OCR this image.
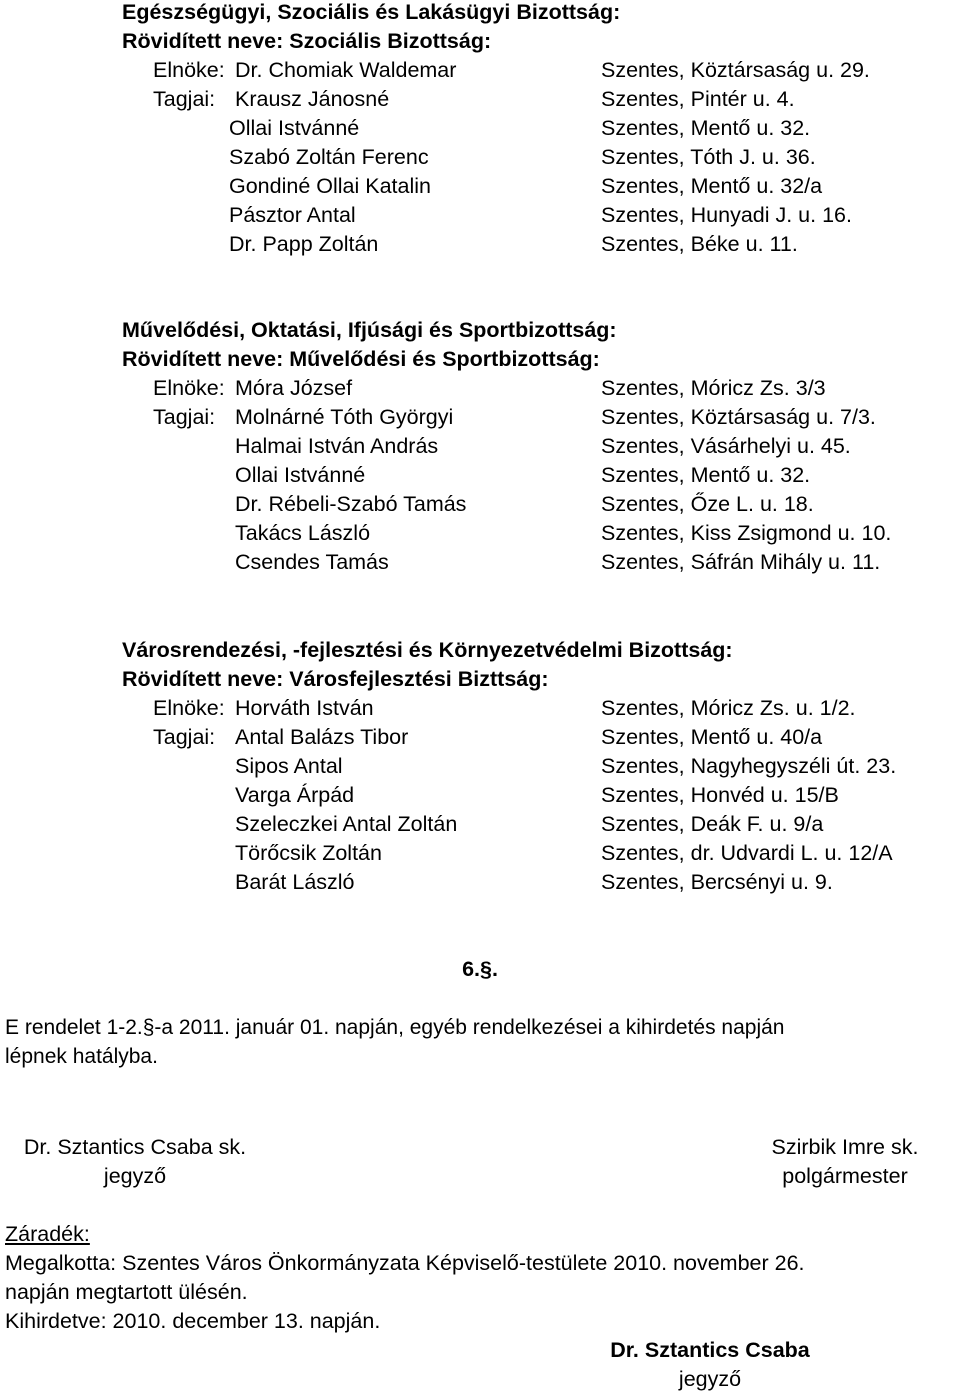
Egészségügyi, Szociális és Lakásügyi Bizottság:
Rövidített neve: Szociális Bizottság:
Elnöke: Dr. Chomiak Waldemar	Szentes, Köztársaság u. 29.
Tagjai: Krausz Jánosné	Szentes, Pintér u. 4.
Ollai Istvánné	Szentes, Mentő u. 32.
Szabó Zoltán Ferenc	Szentes, Tóth J. u. 36.
Gondiné Ollai Katalin	Szentes, Mentő u. 32/a
Pásztor Antal	Szentes, Hunyadi J. u. 16.
Dr. Papp Zoltán	Szentes, Béke u. 11.
Művelődési, Oktatási, Ifjúsági és Sportbizottság:
Rövidített neve: Művelődési és Sportbizottság:
Elnöke: Móra József	Szentes, Móricz Zs. 3/3
Tagjai: Molnárné Tóth Györgyi	Szentes, Köztársaság u. 7/3.
Halmai István András	Szentes, Vásárhelyi u. 45.
Ollai Istvánné	Szentes, Mentő u. 32.
Dr. Rébeli-Szabó Tamás	Szentes, Őze L. u. 18.
Takács László	Szentes, Kiss Zsigmond u. 10.
Csendes Tamás	Szentes, Sáfrán Mihály u. 11.
Városrendezési, -fejlesztési és Környezetvédelmi Bizottság:
Rövidített neve: Városfejlesztési Bizttság:
Elnöke: Horváth István	Szentes, Móricz Zs. u. 1/2.
Tagjai: Antal Balázs Tibor	Szentes, Mentő u. 40/a
Sipos Antal	Szentes, Nagyhegyszéli út. 23.
Varga Árpád	Szentes, Honvéd u. 15/B
Szeleczkei Antal Zoltán	Szentes, Deák F. u. 9/a
Törőcsik Zoltán	Szentes, dr. Udvardi L. u. 12/A
Barát László	Szentes, Bercsényi u. 9.
6.§.
E rendelet 1-2.§-a 2011. január 01. napján, egyéb rendelkezései a kihirdetés napján
lépnek hatályba.
Dr. Sztantics Csaba sk.
jegyző
Szirbik Imre sk.
polgármester
Záradék:
Megalkotta: Szentes Város Önkormányzata Képviselő-testülete 2010. november 26.
napján megtartott ülésén.
Kihirdetve: 2010. december 13. napján.
Dr. Sztantics Csaba
jegyző
